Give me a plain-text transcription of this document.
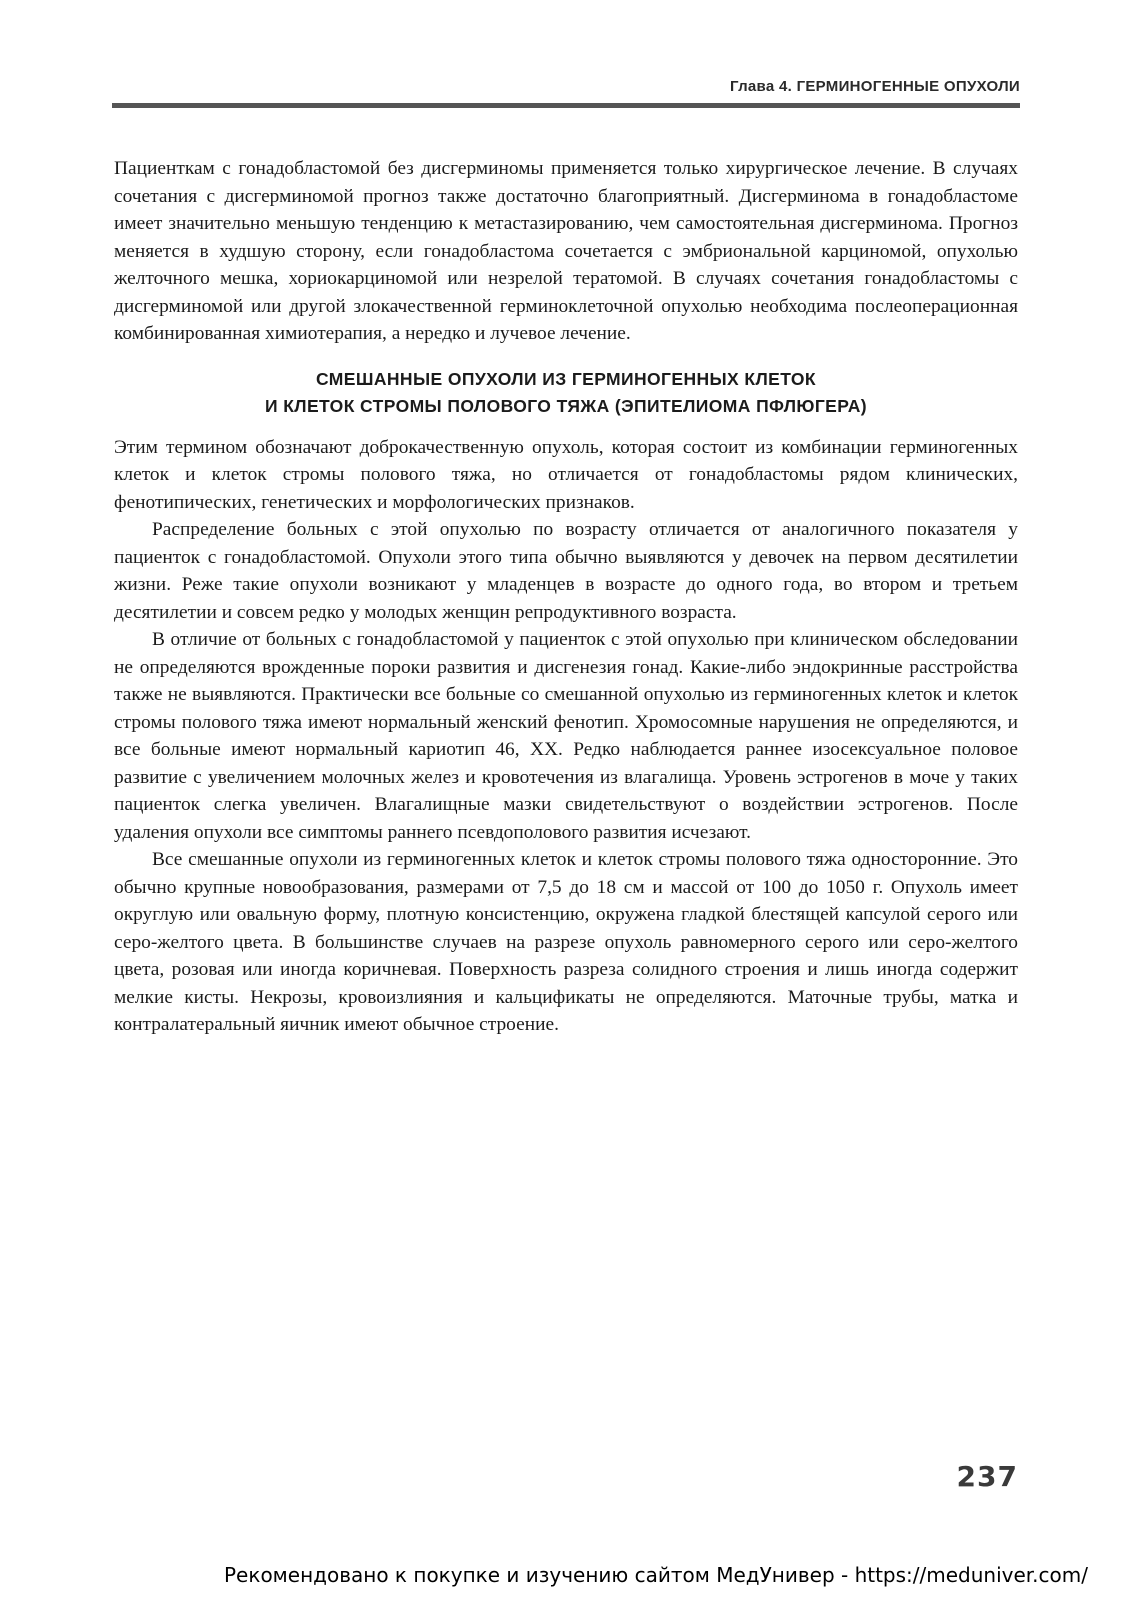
Глава 4. ГЕРМИНОГЕННЫЕ ОПУХОЛИ

Пациенткам с гонадобластомой без дисгерминомы применяется только хирургическое лечение. В случаях сочетания с дисгерминомой прогноз также достаточно благоприятный. Дисгерминома в гонадобластоме имеет значительно меньшую тенденцию к метастазированию, чем самостоятельная дисгерминома. Прогноз меняется в худшую сторону, если гонадобластома сочетается с эмбриональной карциномой, опухолью желточного мешка, хориокарциномой или незрелой тератомой. В случаях сочетания гонадобластомы с дисгерминомой или другой злокачественной герминоклеточной опухолью необходима послеоперационная комбинированная химиотерапия, а нередко и лучевое лечение.

СМЕШАННЫЕ ОПУХОЛИ ИЗ ГЕРМИНОГЕННЫХ КЛЕТОК
И КЛЕТОК СТРОМЫ ПОЛОВОГО ТЯЖА (ЭПИТЕЛИОМА ПФЛЮГЕРА)

Этим термином обозначают доброкачественную опухоль, которая состоит из комбинации герминогенных клеток и клеток стромы полового тяжа, но отличается от гонадобластомы рядом клинических, фенотипических, генетических и морфологических признаков.

Распределение больных с этой опухолью по возрасту отличается от аналогичного показателя у пациенток с гонадобластомой. Опухоли этого типа обычно выявляются у девочек на первом десятилетии жизни. Реже такие опухоли возникают у младенцев в возрасте до одного года, во втором и третьем десятилетии и совсем редко у молодых женщин репродуктивного возраста.

В отличие от больных с гонадобластомой у пациенток с этой опухолью при клиническом обследовании не определяются врожденные пороки развития и дисгенезия гонад. Какие-либо эндокринные расстройства также не выявляются. Практически все больные со смешанной опухолью из герминогенных клеток и клеток стромы полового тяжа имеют нормальный женский фенотип. Хромосомные нарушения не определяются, и все больные имеют нормальный кариотип 46, XX. Редко наблюдается раннее изосексуальное половое развитие с увеличением молочных желез и кровотечения из влагалища. Уровень эстрогенов в моче у таких пациенток слегка увеличен. Влагалищные мазки свидетельствуют о воздействии эстрогенов. После удаления опухоли все симптомы раннего псевдополового развития исчезают.

Все смешанные опухоли из герминогенных клеток и клеток стромы полового тяжа односторонние. Это обычно крупные новообразования, размерами от 7,5 до 18 см и массой от 100 до 1050 г. Опухоль имеет округлую или овальную форму, плотную консистенцию, окружена гладкой блестящей капсулой серого или серо-желтого цвета. В большинстве случаев на разрезе опухоль равномерного серого или серо-желтого цвета, розовая или иногда коричневая. Поверхность разреза солидного строения и лишь иногда содержит мелкие кисты. Некрозы, кровоизлияния и кальцификаты не определяются. Маточные трубы, матка и контралатеральный яичник имеют обычное строение.

237
Рекомендовано к покупке и изучению сайтом МедУнивер - https://meduniver.com/
